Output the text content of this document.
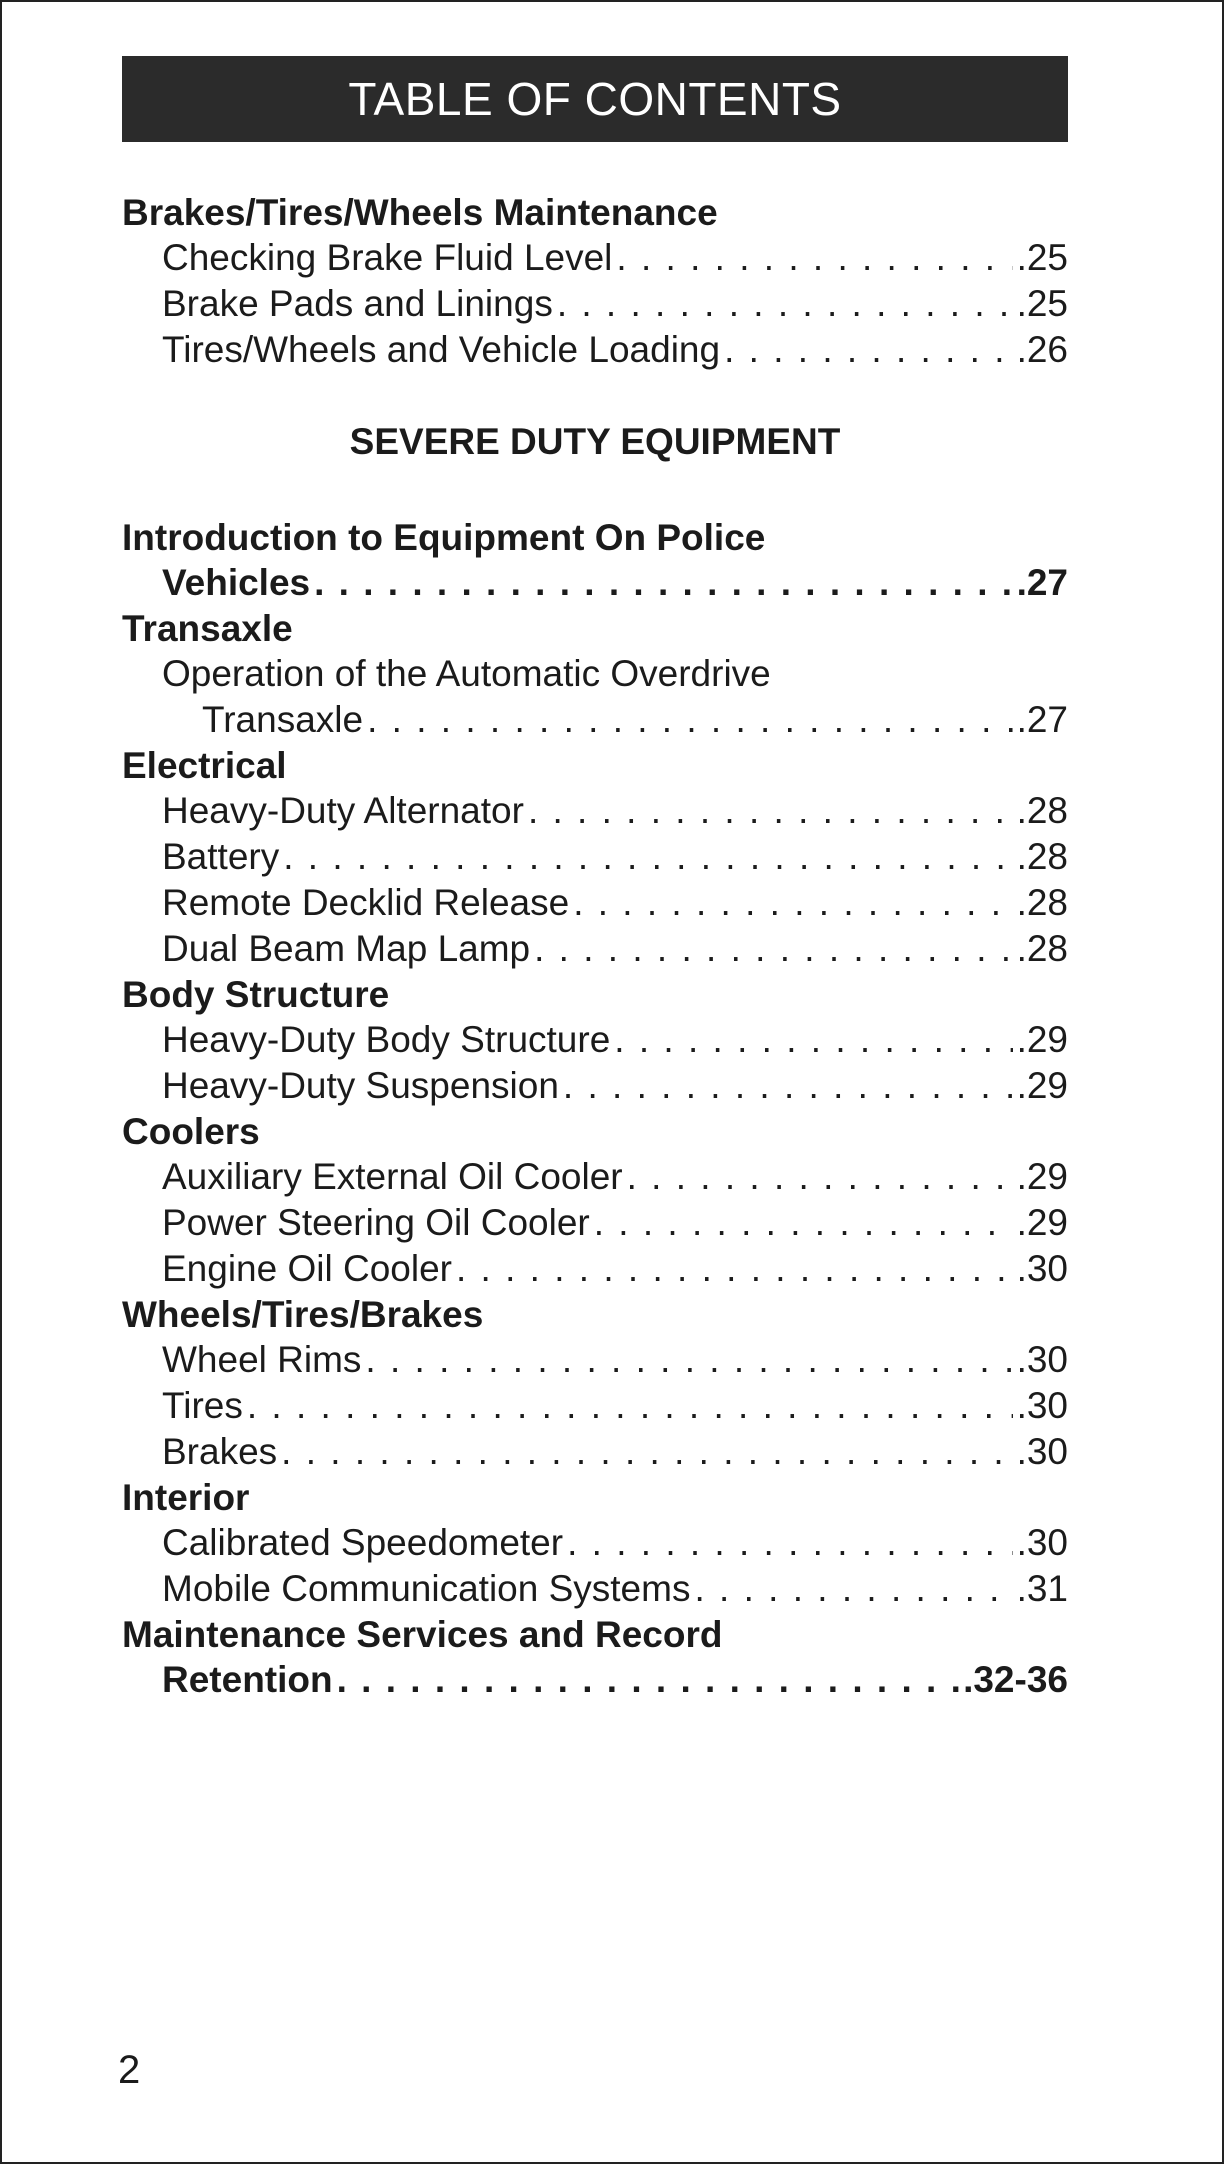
TABLE OF CONTENTS
Brakes/Tires/Wheels Maintenance
Checking Brake Fluid Level . . .	.25
Brake Pads and Linings . . .	.25
Tires/Wheels and Vehicle Loading . . .	.26
SEVERE DUTY EQUIPMENT
Introduction to Equipment On Police
Vehicles . . .	.27
Transaxle
Operation of the Automatic Overdrive
Transaxle . . .	.27
Electrical
Heavy-Duty Alternator . . .	.28
Battery . . .	.28
Remote Decklid Release . . .	.28
Dual Beam Map Lamp . . .	.28
Body Structure
Heavy-Duty Body Structure . . .	.29
Heavy-Duty Suspension . . .	.29
Coolers
Auxiliary External Oil Cooler . . .	.29
Power Steering Oil Cooler . . .	.29
Engine Oil Cooler . . .	.30
Wheels/Tires/Brakes
Wheel Rims . . .	.30
Tires . . .	.30
Brakes . . .	.30
Interior
Calibrated Speedometer . . .	.30
Mobile Communication Systems . . .	.31
Maintenance Services and Record
Retention . . .	.32-36
2
